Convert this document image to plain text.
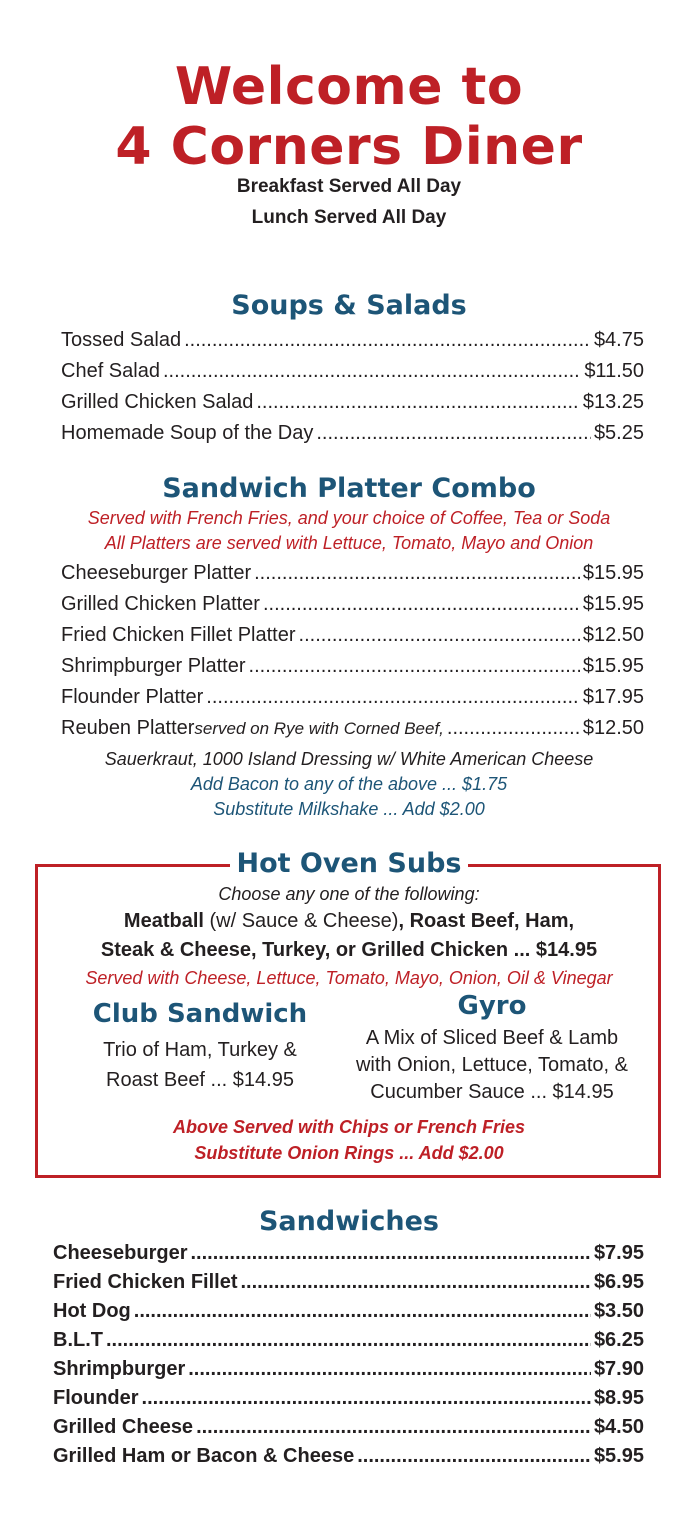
Welcome to
4 Corners Diner
Breakfast Served All Day
Lunch Served All Day
Soups & Salads
Tossed Salad .....	$4.75
Chef Salad .....	$11.50
Grilled Chicken Salad .....	$13.25
Homemade Soup of the Day .....	$5.25
Sandwich Platter Combo
Served with French Fries, and your choice of Coffee, Tea or Soda
All Platters are served with Lettuce, Tomato, Mayo and Onion
Cheeseburger Platter .....	$15.95
Grilled Chicken Platter .....	$15.95
Fried Chicken Fillet Platter .....	$12.50
Shrimpburger Platter .....	$15.95
Flounder Platter .....	$17.95
Reuben Platter served on Rye with Corned Beef, .....	$12.50
Sauerkraut, 1000 Island Dressing w/ White American Cheese
Add Bacon to any of the above ... $1.75
Substitute Milkshake ... Add $2.00
Hot Oven Subs
Choose any one of the following:
Meatball (w/ Sauce & Cheese), Roast Beef, Ham,
Steak & Cheese, Turkey, or Grilled Chicken ... $14.95
Served with Cheese, Lettuce, Tomato, Mayo, Onion, Oil & Vinegar
Club Sandwich
Trio of Ham, Turkey &
Roast Beef ... $14.95
Gyro
A Mix of Sliced Beef & Lamb
with Onion, Lettuce, Tomato, &
Cucumber Sauce ... $14.95
Above Served with Chips or French Fries
Substitute Onion Rings ... Add $2.00
Sandwiches
Cheeseburger .....	$7.95
Fried Chicken Fillet .....	$6.95
Hot Dog .....	$3.50
B.L.T .....	$6.25
Shrimpburger .....	$7.90
Flounder .....	$8.95
Grilled Cheese .....	$4.50
Grilled Ham or Bacon & Cheese .....	$5.95
